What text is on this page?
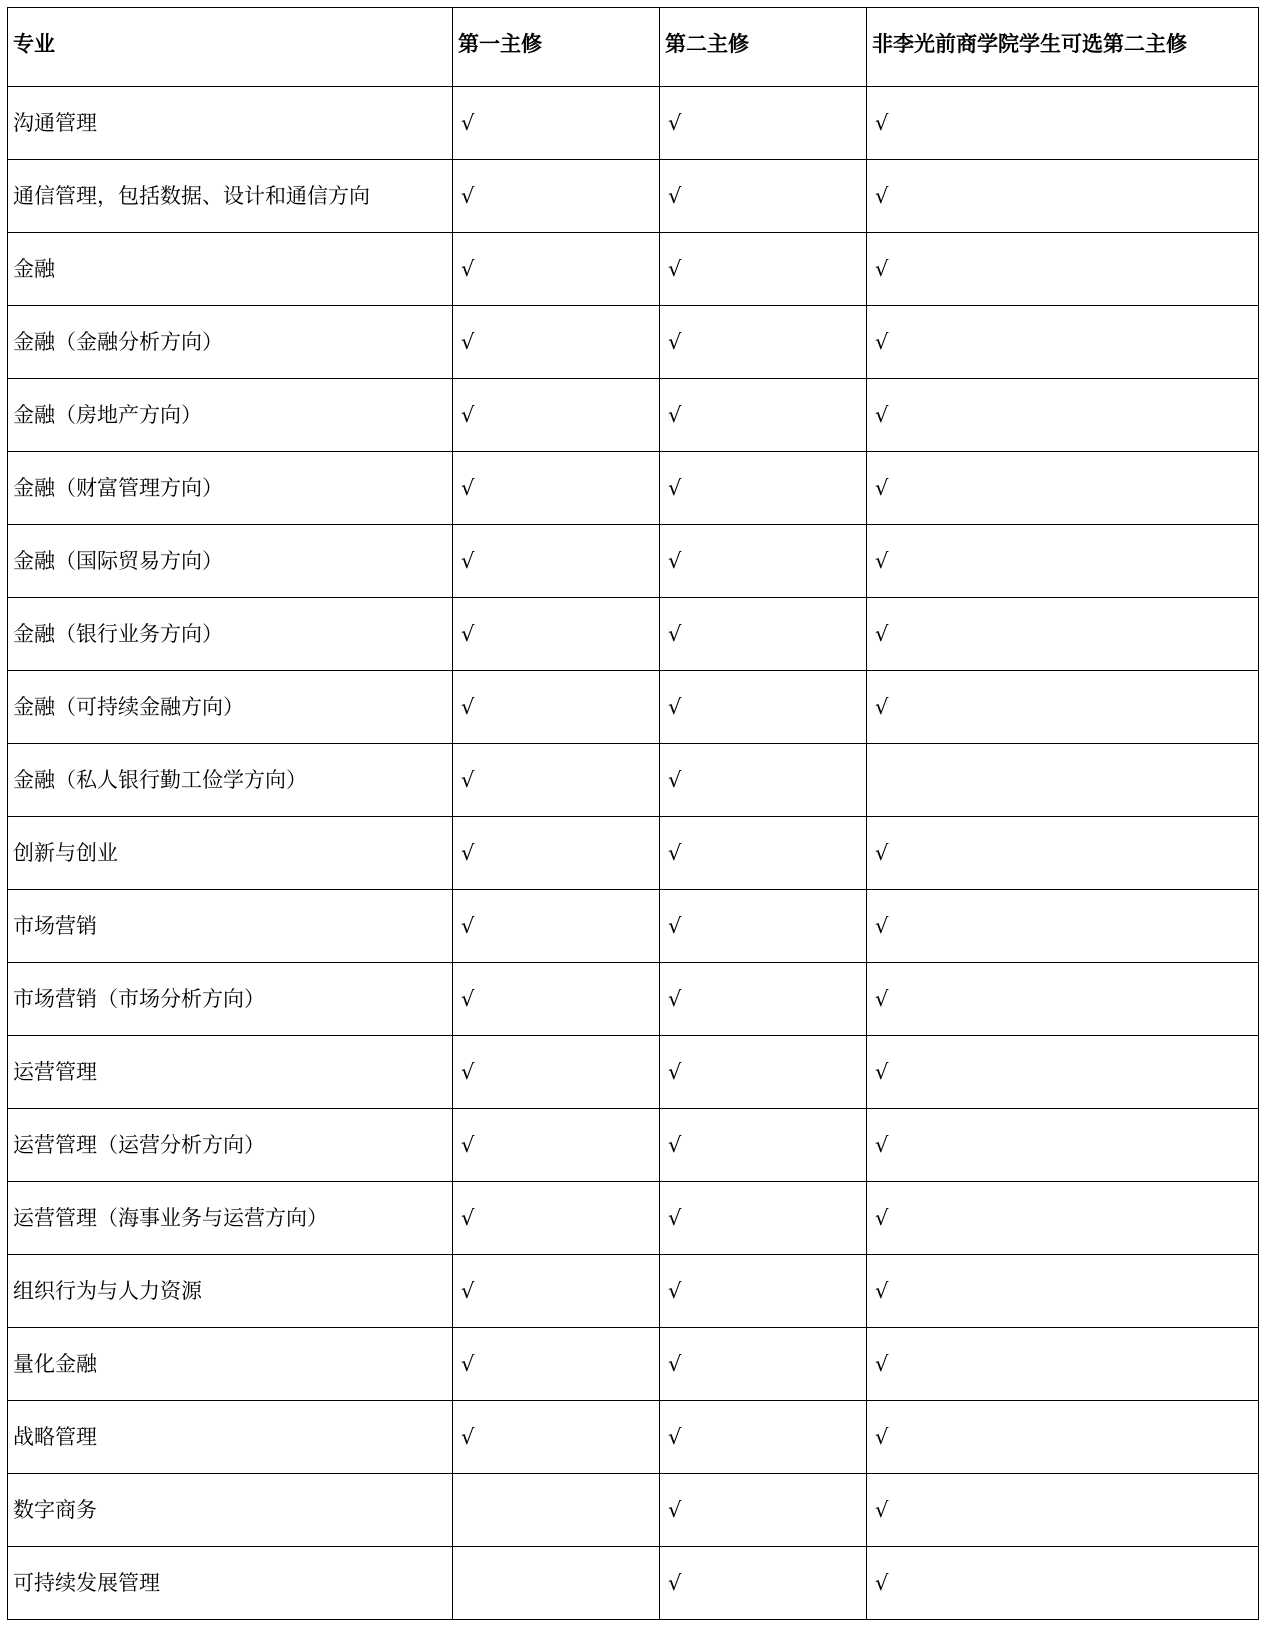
专业	第一主修	第二主修	非李光前商学院学生可选第二主修
沟通管理	√	√	√
通信管理，包括数据、设计和通信方向	√	√	√
金融	√	√	√
金融（金融分析方向）	√	√	√
金融（房地产方向）	√	√	√
金融（财富管理方向）	√	√	√
金融（国际贸易方向）	√	√	√
金融（银行业务方向）	√	√	√
金融（可持续金融方向）	√	√	√
金融（私人银行勤工俭学方向）	√	√	
创新与创业	√	√	√
市场营销	√	√	√
市场营销（市场分析方向）	√	√	√
运营管理	√	√	√
运营管理（运营分析方向）	√	√	√
运营管理（海事业务与运营方向）	√	√	√
组织行为与人力资源	√	√	√
量化金融	√	√	√
战略管理	√	√	√
数字商务		√	√
可持续发展管理		√	√
